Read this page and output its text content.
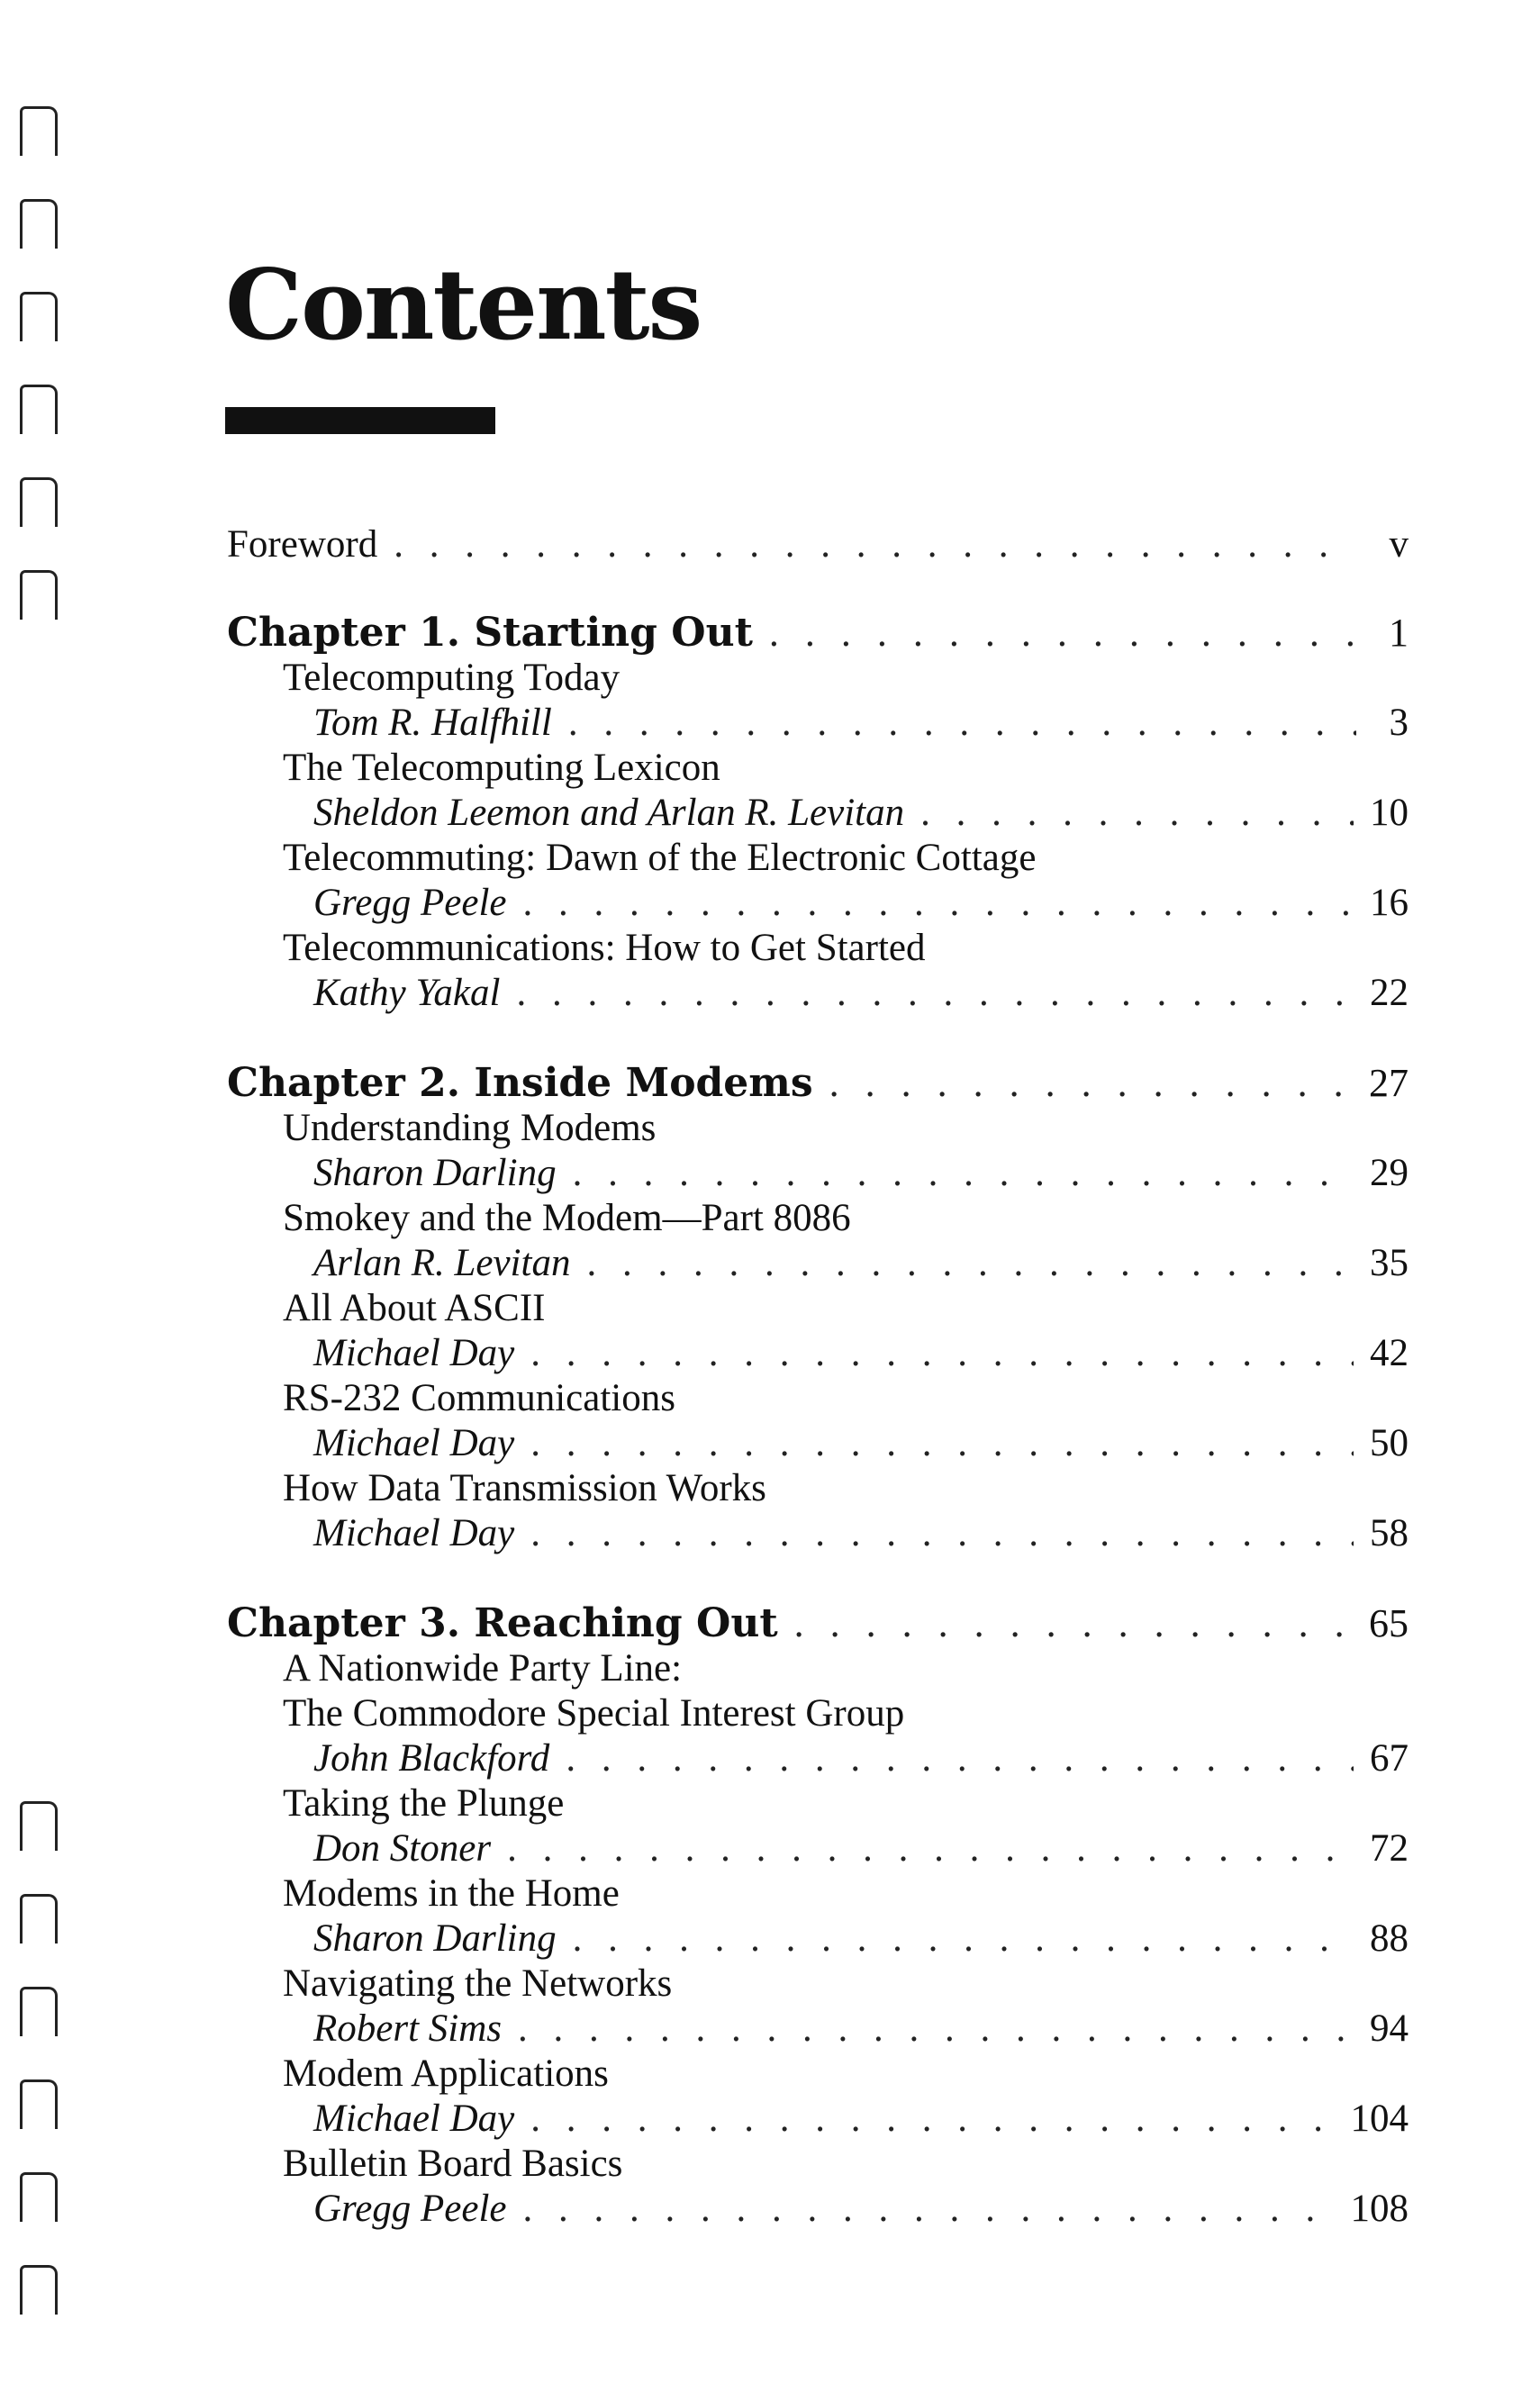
Contents
Foreword . . .	v
Chapter 1. Starting Out . . .	1
Telecomputing Today
Tom R. Halfhill . . .	3
The Telecomputing Lexicon
Sheldon Leemon and Arlan R. Levitan . . .	10
Telecommuting: Dawn of the Electronic Cottage
Gregg Peele . . .	16
Telecommunications: How to Get Started
Kathy Yakal . . .	22
Chapter 2. Inside Modems . . .	27
Understanding Modems
Sharon Darling . . .	29
Smokey and the Modem—Part 8086
Arlan R. Levitan . . .	35
All About ASCII
Michael Day . . .	42
RS-232 Communications
Michael Day . . .	50
How Data Transmission Works
Michael Day . . .	58
Chapter 3. Reaching Out . . .	65
A Nationwide Party Line:
The Commodore Special Interest Group
John Blackford . . .	67
Taking the Plunge
Don Stoner . . .	72
Modems in the Home
Sharon Darling . . .	88
Navigating the Networks
Robert Sims . . .	94
Modem Applications
Michael Day . . .	104
Bulletin Board Basics
Gregg Peele . . .	108
